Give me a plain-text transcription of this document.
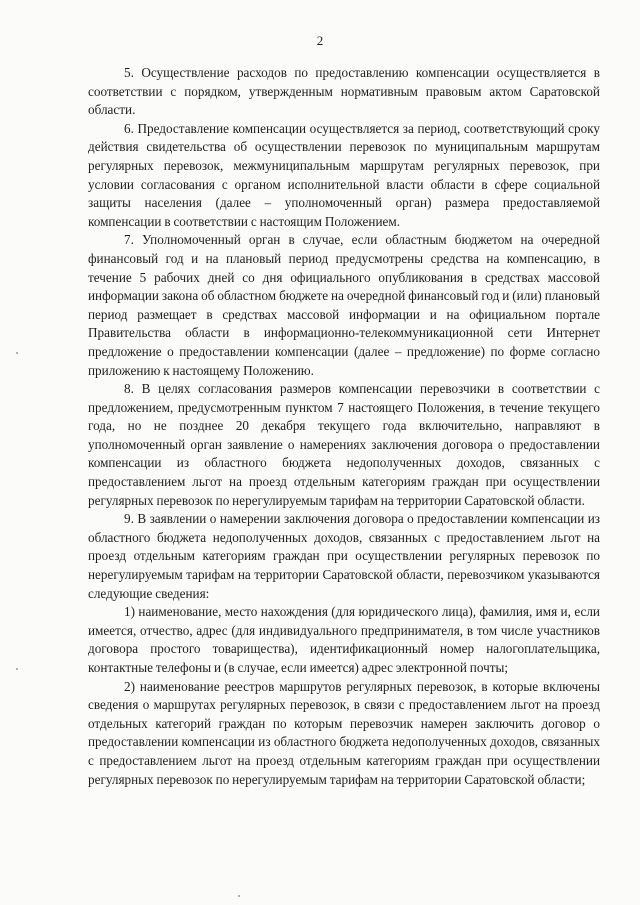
2

5. Осуществление расходов по предоставлению компенсации осуществляется в соответствии с порядком, утвержденным нормативным правовым актом Саратовской области.

6. Предоставление компенсации осуществляется за период, соответствующий сроку действия свидетельства об осуществлении перевозок по муниципальным маршрутам регулярных перевозок, межмуниципальным маршрутам регулярных перевозок, при условии согласования с органом исполнительной власти области в сфере социальной защиты населения (далее – уполномоченный орган) размера предоставляемой компенсации в соответствии с настоящим Положением.

7. Уполномоченный орган в случае, если областным бюджетом на очередной финансовый год и на плановый период предусмотрены средства на компенсацию, в течение 5 рабочих дней со дня официального опубликования в средствах массовой информации закона об областном бюджете на очередной финансовый год и (или) плановый период размещает в средствах массовой информации и на официальном портале Правительства области в информационно-телекоммуникационной сети Интернет предложение о предоставлении компенсации (далее – предложение) по форме согласно приложению к настоящему Положению.

8. В целях согласования размеров компенсации перевозчики в соответствии с предложением, предусмотренным пунктом 7 настоящего Положения, в течение текущего года, но не позднее 20 декабря текущего года включительно, направляют в уполномоченный орган заявление о намерениях заключения договора о предоставлении компенсации из областного бюджета недополученных доходов, связанных с предоставлением льгот на проезд отдельным категориям граждан при осуществлении регулярных перевозок по нерегулируемым тарифам на территории Саратовской области.

9. В заявлении о намерении заключения договора о предоставлении компенсации из областного бюджета недополученных доходов, связанных с предоставлением льгот на проезд отдельным категориям граждан при осуществлении регулярных перевозок по нерегулируемым тарифам на территории Саратовской области, перевозчиком указываются следующие сведения:

1) наименование, место нахождения (для юридического лица), фамилия, имя и, если имеется, отчество, адрес (для индивидуального предпринимателя, в том числе участников договора простого товарищества), идентификационный номер налогоплательщика, контактные телефоны и (в случае, если имеется) адрес электронной почты;

2) наименование реестров маршрутов регулярных перевозок, в которые включены сведения о маршрутах регулярных перевозок, в связи с предоставлением льгот на проезд отдельных категорий граждан по которым перевозчик намерен заключить договор о предоставлении компенсации из областного бюджета недополученных доходов, связанных с предоставлением льгот на проезд отдельным категориям граждан при осуществлении регулярных перевозок по нерегулируемым тарифам на территории Саратовской области;
